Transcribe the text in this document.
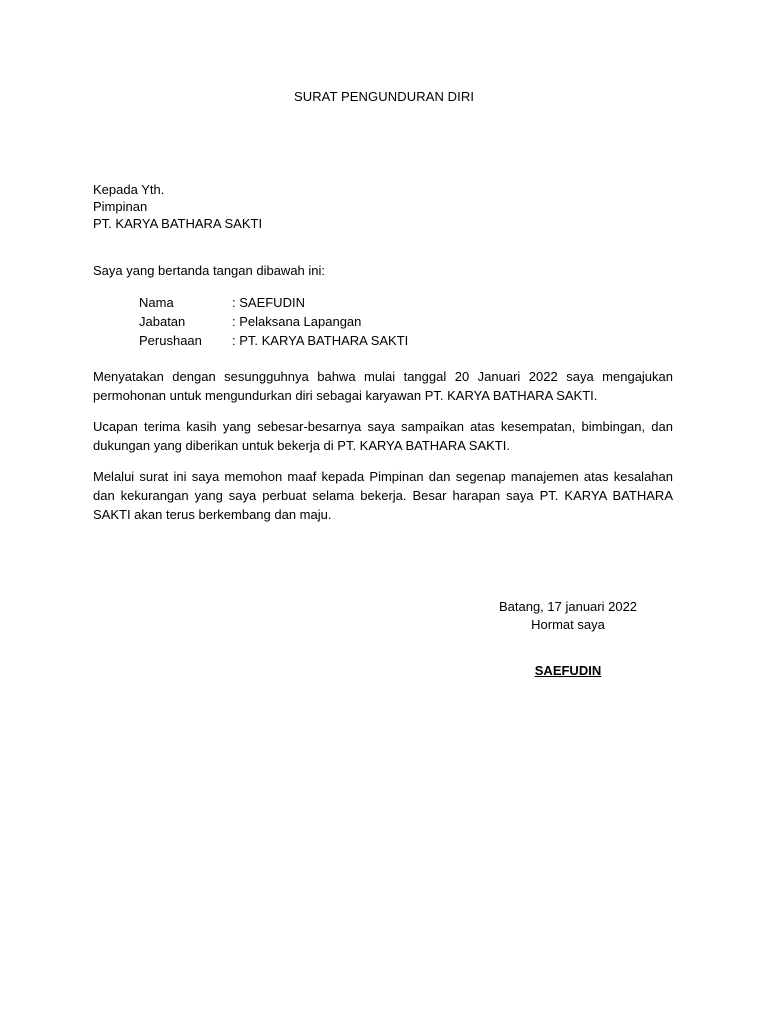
SURAT PENGUNDURAN DIRI
Kepada Yth.
Pimpinan
PT. KARYA BATHARA SAKTI
Saya yang bertanda tangan dibawah ini:
Nama	: SAEFUDIN
Jabatan	: Pelaksana Lapangan
Perushaan	: PT. KARYA BATHARA SAKTI
Menyatakan dengan sesungguhnya bahwa mulai tanggal 20 Januari 2022 saya mengajukan permohonan untuk mengundurkan diri sebagai karyawan PT. KARYA BATHARA SAKTI.
Ucapan terima kasih yang sebesar-besarnya saya sampaikan atas kesempatan, bimbingan, dan dukungan yang diberikan untuk bekerja di PT. KARYA BATHARA SAKTI.
Melalui surat ini saya memohon maaf kepada Pimpinan dan segenap manajemen atas kesalahan dan kekurangan yang saya perbuat selama bekerja. Besar harapan saya PT. KARYA BATHARA SAKTI akan terus berkembang dan maju.
Batang, 17 januari 2022
Hormat saya
SAEFUDIN
